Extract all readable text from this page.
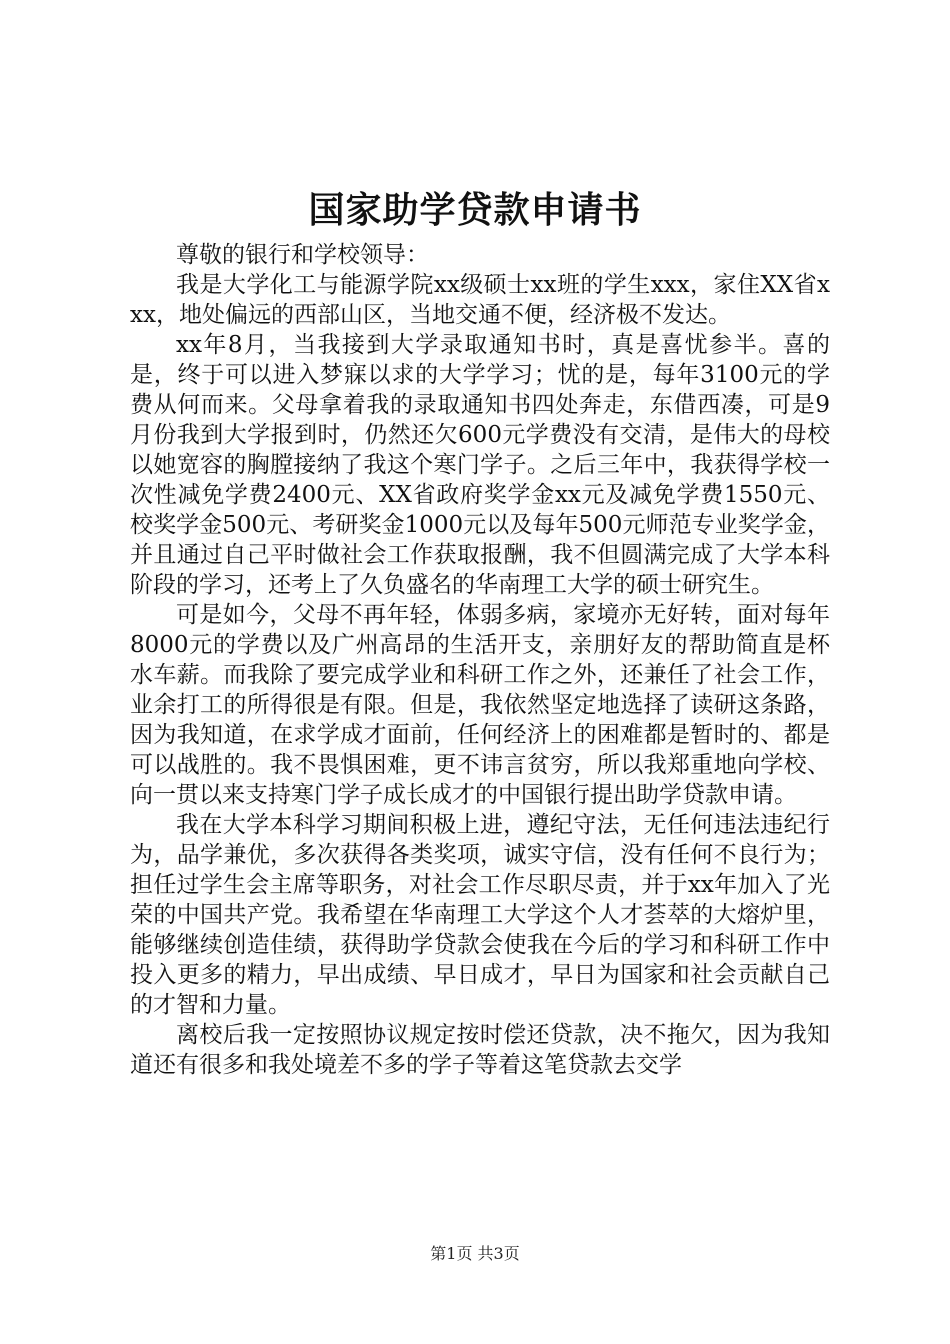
国家助学贷款申请书

尊敬的银行和学校领导：

我是大学化工与能源学院xx级硕士xx班的学生xxx，家住XX省xxx，地处偏远的西部山区，当地交通不便，经济极不发达。

xx年8月，当我接到大学录取通知书时，真是喜忧参半。喜的是，终于可以进入梦寐以求的大学学习；忧的是，每年3100元的学费从何而来。父母拿着我的录取通知书四处奔走，东借西凑，可是9月份我到大学报到时，仍然还欠600元学费没有交清，是伟大的母校以她宽容的胸膛接纳了我这个寒门学子。之后三年中，我获得学校一次性减免学费2400元、XX省政府奖学金xx元及减免学费1550元、校奖学金500元、考研奖金1000元以及每年500元师范专业奖学金，并且通过自己平时做社会工作获取报酬，我不但圆满完成了大学本科阶段的学习，还考上了久负盛名的华南理工大学的硕士研究生。

可是如今，父母不再年轻，体弱多病，家境亦无好转，面对每年8000元的学费以及广州高昂的生活开支，亲朋好友的帮助简直是杯水车薪。而我除了要完成学业和科研工作之外，还兼任了社会工作，业余打工的所得很是有限。但是，我依然坚定地选择了读研这条路，因为我知道，在求学成才面前，任何经济上的困难都是暂时的、都是可以战胜的。我不畏惧困难，更不讳言贫穷，所以我郑重地向学校、向一贯以来支持寒门学子成长成才的中国银行提出助学贷款申请。

我在大学本科学习期间积极上进，遵纪守法，无任何违法违纪行为，品学兼优，多次获得各类奖项，诚实守信，没有任何不良行为；担任过学生会主席等职务，对社会工作尽职尽责，并于xx年加入了光荣的中国共产党。我希望在华南理工大学这个人才荟萃的大熔炉里，能够继续创造佳绩，获得助学贷款会使我在今后的学习和科研工作中投入更多的精力，早出成绩、早日成才，早日为国家和社会贡献自己的才智和力量。

离校后我一定按照协议规定按时偿还贷款，决不拖欠，因为我知道还有很多和我处境差不多的学子等着这笔贷款去交学

第1页 共3页
